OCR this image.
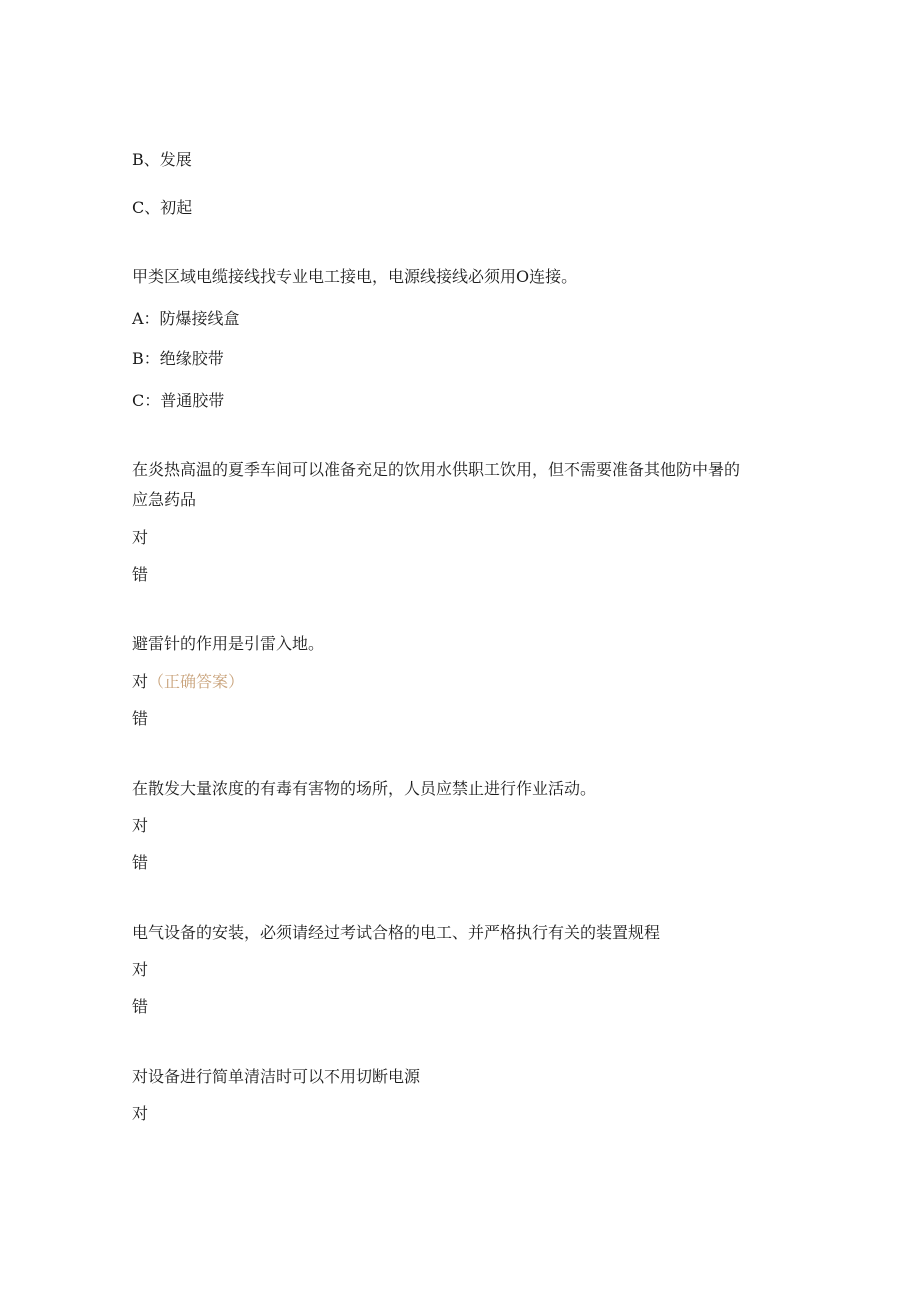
B、发展
C、初起
甲类区域电缆接线找专业电工接电，电源线接线必须用O连接。
A：防爆接线盒
B：绝缘胶带
C：普通胶带
在炎热高温的夏季车间可以准备充足的饮用水供职工饮用，但不需要准备其他防中暑的
应急药品
对
错
避雷针的作用是引雷入地。
对（正确答案）
错
在散发大量浓度的有毒有害物的场所，人员应禁止进行作业活动。
对
错
电气设备的安装，必须请经过考试合格的电工、并严格执行有关的装置规程
对
错
对设备进行简单清洁时可以不用切断电源
对
